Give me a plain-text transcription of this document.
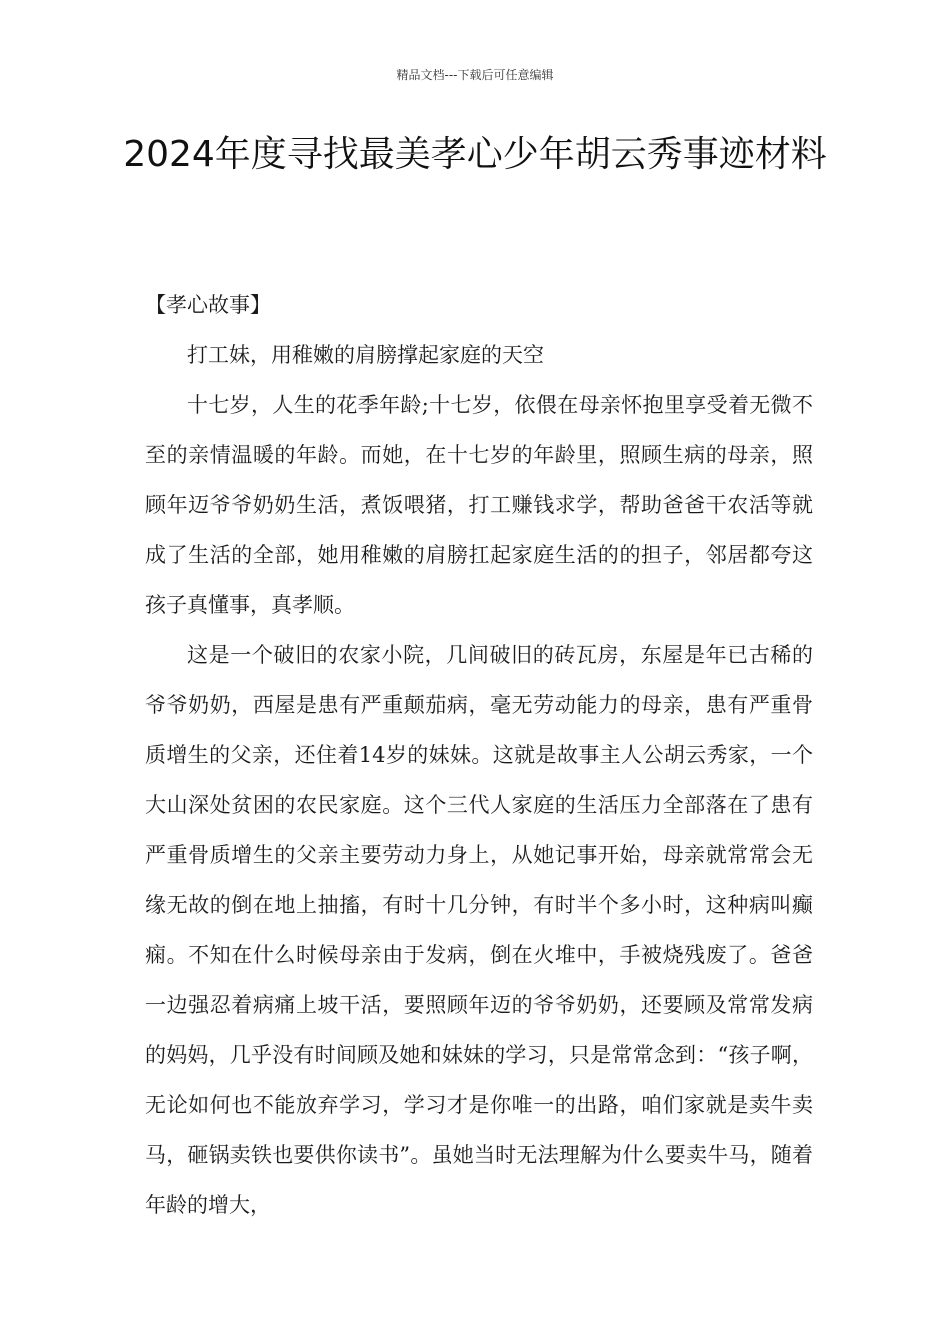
精品文档---下载后可任意编辑
2024年度寻找最美孝心少年胡云秀事迹材料

【孝心故事】

打工妹，用稚嫩的肩膀撑起家庭的天空

十七岁，人生的花季年龄;十七岁，依偎在母亲怀抱里享受着无微不至的亲情温暖的年龄。而她，在十七岁的年龄里，照顾生病的母亲，照顾年迈爷爷奶奶生活，煮饭喂猪，打工赚钱求学，帮助爸爸干农活等就成了生活的全部，她用稚嫩的肩膀扛起家庭生活的的担子，邻居都夸这孩子真懂事，真孝顺。

这是一个破旧的农家小院，几间破旧的砖瓦房，东屋是年已古稀的爷爷奶奶，西屋是患有严重颠茄病，毫无劳动能力的母亲，患有严重骨质增生的父亲，还住着14岁的妹妹。这就是故事主人公胡云秀家，一个大山深处贫困的农民家庭。这个三代人家庭的生活压力全部落在了患有严重骨质增生的父亲主要劳动力身上，从她记事开始，母亲就常常会无缘无故的倒在地上抽搐，有时十几分钟，有时半个多小时，这种病叫癫痫。不知在什么时候母亲由于发病，倒在火堆中，手被烧残废了。爸爸一边强忍着病痛上坡干活，要照顾年迈的爷爷奶奶，还要顾及常常发病的妈妈，几乎没有时间顾及她和妹妹的学习，只是常常念到：“孩子啊，无论如何也不能放弃学习，学习才是你唯一的出路，咱们家就是卖牛卖马，砸锅卖铁也要供你读书”。虽她当时无法理解为什么要卖牛马，随着年龄的增大，
